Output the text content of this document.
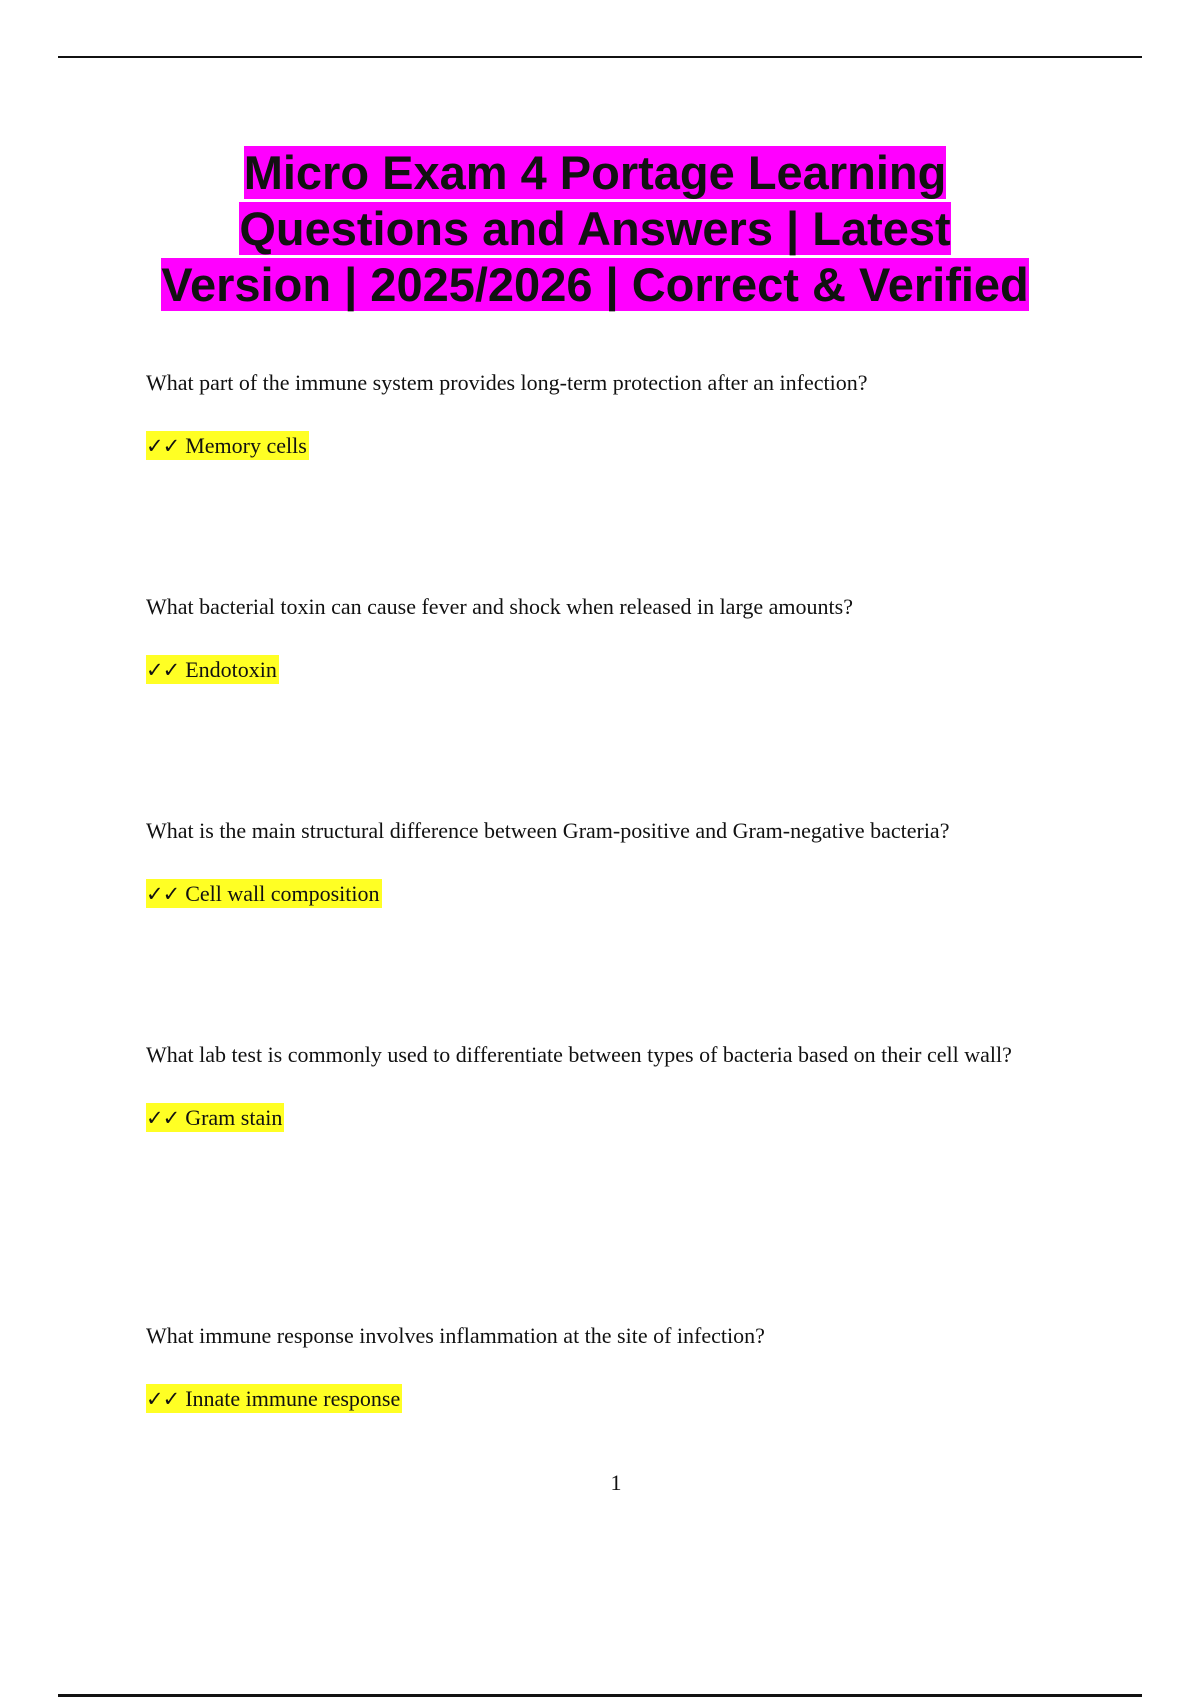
Micro Exam 4 Portage Learning
Questions and Answers | Latest
Version | 2025/2026 | Correct & Verified

What part of the immune system provides long-term protection after an infection?

✓✓ Memory cells

What bacterial toxin can cause fever and shock when released in large amounts?

✓✓ Endotoxin

What is the main structural difference between Gram-positive and Gram-negative bacteria?

✓✓ Cell wall composition

What lab test is commonly used to differentiate between types of bacteria based on their cell wall?

✓✓ Gram stain

What immune response involves inflammation at the site of infection?

✓✓ Innate immune response

1
